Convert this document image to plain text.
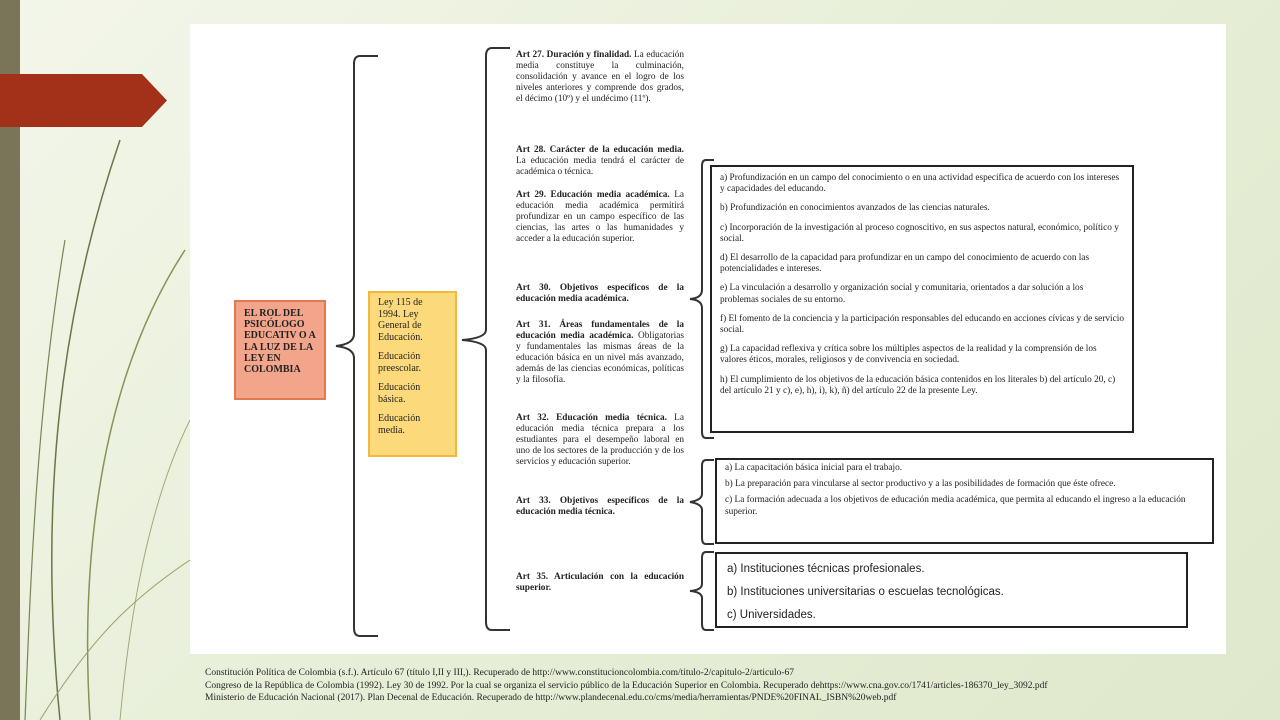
EL ROL DEL PSICÓLOGO EDUCATIV O A LA LUZ DE LA LEY EN COLOMBIA

Ley 115 de 1994. Ley General de Educación.

Educación preescolar.

Educación básica.

Educación media.

Art 27. Duración y finalidad. La educación media constituye la culminación, consolidación y avance en el logro de los niveles anteriores y comprende dos grados, el décimo (10º) y el undécimo (11º).
Art 28. Carácter de la educación media. La educación media tendrá el carácter de académica o técnica.
Art 29. Educación media académica. La educación media académica permitirá profundizar en un campo específico de las ciencias, las artes o las humanidades y acceder a la educación superior.
Art 30. Objetivos específicos de la educación media académica.
Art 31. Áreas fundamentales de la educación media académica. Obligatorias y fundamentales las mismas áreas de la educación básica en un nivel más avanzado, además de las ciencias económicas, políticas y la filosofía.
Art 32. Educación media técnica. La educación media técnica prepara a los estudiantes para el desempeño laboral en uno de los sectores de la producción y de los servicios y educación superior.
Art 33. Objetivos específicos de la educación media técnica.
Art 35. Articulación con la educación superior.

a) Profundización en un campo del conocimiento o en una actividad específica de acuerdo con los intereses y capacidades del educando.

b) Profundización en conocimientos avanzados de las ciencias naturales.

c) Incorporación de la investigación al proceso cognoscitivo, en sus aspectos natural, económico, político y social.

d) El desarrollo de la capacidad para profundizar en un campo del conocimiento de acuerdo con las potencialidades e intereses.

e) La vinculación a desarrollo y organización social y comunitaria, orientados a dar solución a los problemas sociales de su entorno.

f) El fomento de la conciencia y la participación responsables del educando en acciones cívicas y de servicio social.

g) La capacidad reflexiva y crítica sobre los múltiples aspectos de la realidad y la comprensión de los valores éticos, morales, religiosos y de convivencia en sociedad.

h) El cumplimiento de los objetivos de la educación básica contenidos en los literales b) del artículo 20, c) del artículo 21 y c), e), h), i), k), ñ) del artículo 22 de la presente Ley.

a) La capacitación básica inicial para el trabajo.

b) La preparación para vincularse al sector productivo y a las posibilidades de formación que éste ofrece.

c) La formación adecuada a los objetivos de educación media académica, que permita al educando el ingreso a la educación superior.

a) Instituciones técnicas profesionales.
b) Instituciones universitarias o escuelas tecnológicas.
c) Universidades.
Constitución Política de Colombia (s.f.). Artículo 67 (título I,II y III,). Recuperado de http://www.constitucioncolombia.com/titulo-2/capitulo-2/articulo-67
Congreso de la República de Colombia (1992). Ley 30 de 1992. Por la cual se organiza el servicio público de la Educación Superior en Colombia. Recuperado dehttps://www.cna.gov.co/1741/articles-186370_ley_3092.pdf
Ministerio de Educación Nacional (2017). Plan Decenal de Educación. Recuperado de http://www.plandecenal.edu.co/cms/media/herramientas/PNDE%20FINAL_ISBN%20web.pdf
